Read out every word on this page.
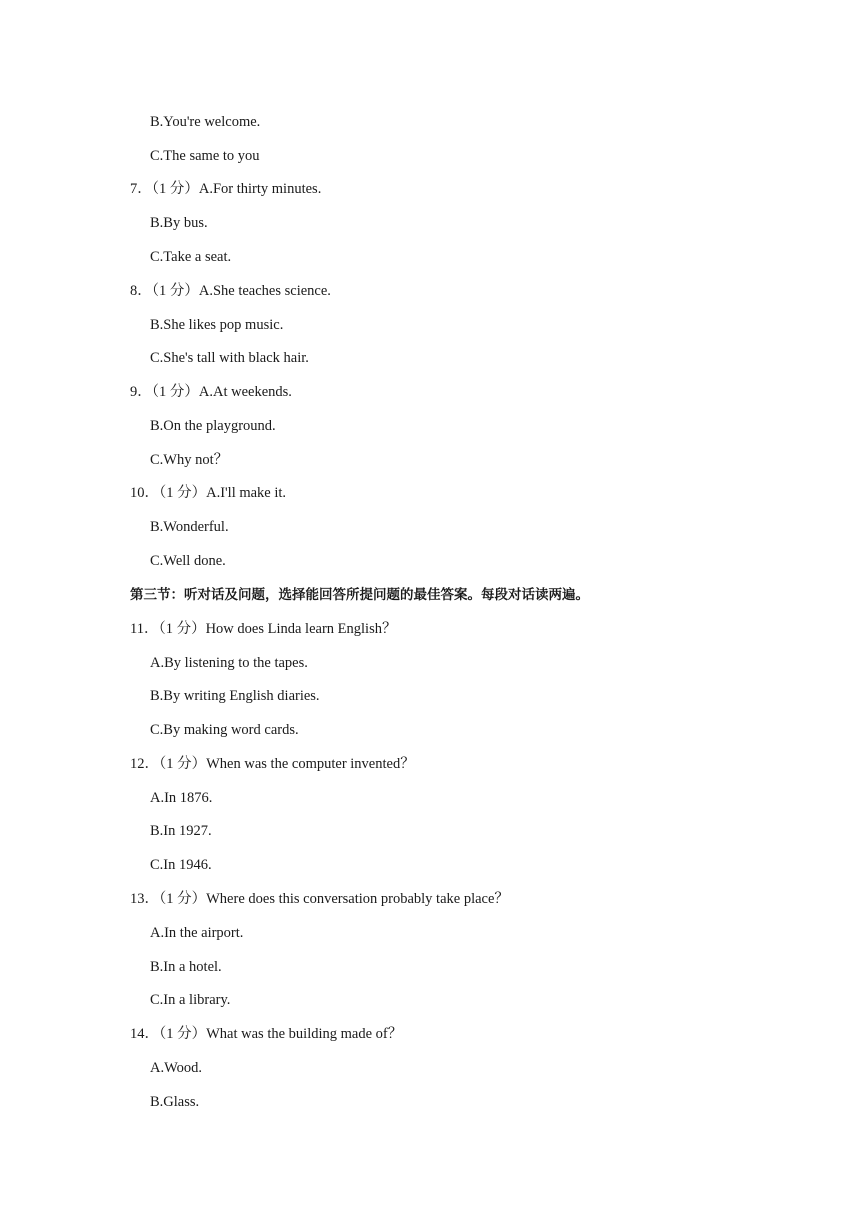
B.You're welcome.
C.The same to you
7．（1 分）A.For thirty minutes.
B.By bus.
C.Take a seat.
8．（1 分）A.She teaches science.
B.She likes pop music.
C.She's tall with black hair.
9．（1 分）A.At weekends.
B.On the playground.
C.Why not？
10．（1 分）A.I'll make it.
B.Wonderful.
C.Well done.
第三节：听对话及问题，选择能回答所提问题的最佳答案。每段对话读两遍。
11．（1 分）How does Linda learn English？
A.By listening to the tapes.
B.By writing English diaries.
C.By making word cards.
12．（1 分）When was the computer invented？
A.In 1876.
B.In 1927.
C.In 1946.
13．（1 分）Where does this conversation probably take place？
A.In the airport.
B.In a hotel.
C.In a library.
14．（1 分）What was the building made of？
A.Wood.
B.Glass.
